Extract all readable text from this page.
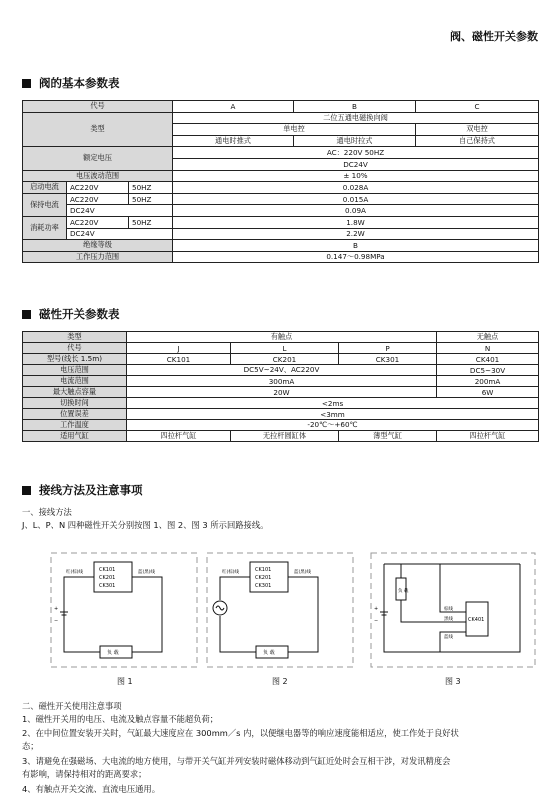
阀、磁性开关参数
阀的基本参数表
代号			A	B	C
类型			二位五通电磁换向阀		
			单电控		双电控
			通电时推式	通电时拉式	自己保持式
额定电压			AC：220V 50HZ		
			DC24V		
电压波动范围			± 10%		
启动电流	AC220V	50HZ	0.028A		
保持电流	AC220V	50HZ	0.015A		
	DC24V		0.09A		
消耗功率	AC220V	50HZ	1.8W		
	DC24V		2.2W		
绝缘等级			B		
工作压力范围			0.147～0.98MPa		
磁性开关参数表
类型	有触点			无触点
代号	J	L	P	N
型号(线长 1.5m)	CK101	CK201	CK301	CK401
电压范围	DC5V~24V、AC220V			DC5~30V
电流范围	300mA			200mA
最大触点容量	20W			6W
切换时间	<2ms			
位置误差	<3mm			
工作温度	-20℃～+60℃			
适用气缸	四拉杆气缸	无拉杆圆缸体	薄型气缸	四拉杆气缸
接线方法及注意事项
一、接线方法
J、L、P、N 四种磁性开关分别按图 1、图 2、图 3 所示回路接线。
CK101
CK201
CK301
负 载
红(棕)线	蓝(黑)线
+
−
CK101
CK201
CK301
负 载
红(棕)线	蓝(黑)线
负 载
CK401
棕线
黑线
蓝线
+
−
图 1	图 2	图 3
二、磁性开关使用注意事项
1、磁性开关用的电压、电流及触点容量不能超负荷；
2、在中间位置安装开关时，气缸最大速度应在 300mm／s 内，以便继电器等的响应速度能相适应，使工作处于良好状
态；
3、请避免在强磁场、大电流的地方使用，与带开关气缸并列安装时磁体移动到气缸近处时会互相干涉，对发讯精度会
有影响，请保持相对的距离要求；
4、有触点开关交流、直流电压通用。
